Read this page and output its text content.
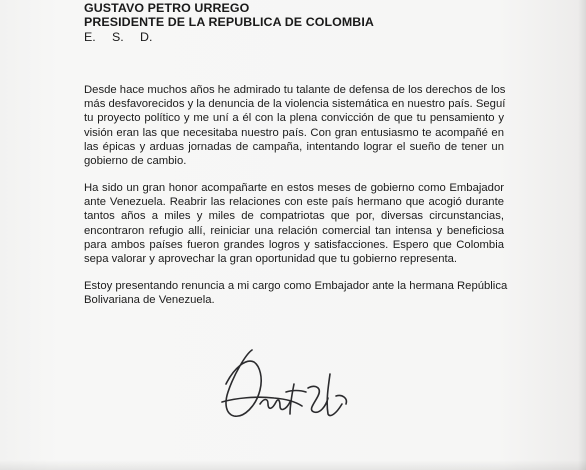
GUSTAVO PETRO URREGO
PRESIDENTE DE LA REPUBLICA DE COLOMBIA
E. S. D.
Desde hace muchos años he admirado tu talante de defensa de los derechos de los
más desfavorecidos y la denuncia de la violencia sistemática en nuestro país. Seguí
tu proyecto político y me uní a él con la plena convicción de que tu pensamiento y
visión eran las que necesitaba nuestro país. Con gran entusiasmo te acompañé en
las épicas y arduas jornadas de campaña, intentando lograr el sueño de tener un
gobierno de cambio.
Ha sido un gran honor acompañarte en estos meses de gobierno como Embajador
ante Venezuela. Reabrir las relaciones con este país hermano que acogió durante
tantos años a miles y miles de compatriotas que por, diversas circunstancias,
encontraron refugio allí, reiniciar una relación comercial tan intensa y beneficiosa
para ambos países fueron grandes logros y satisfacciones. Espero que Colombia
sepa valorar y aprovechar la gran oportunidad que tu gobierno representa.
Estoy presentando renuncia a mi cargo como Embajador ante la hermana República
Bolivariana de Venezuela.
